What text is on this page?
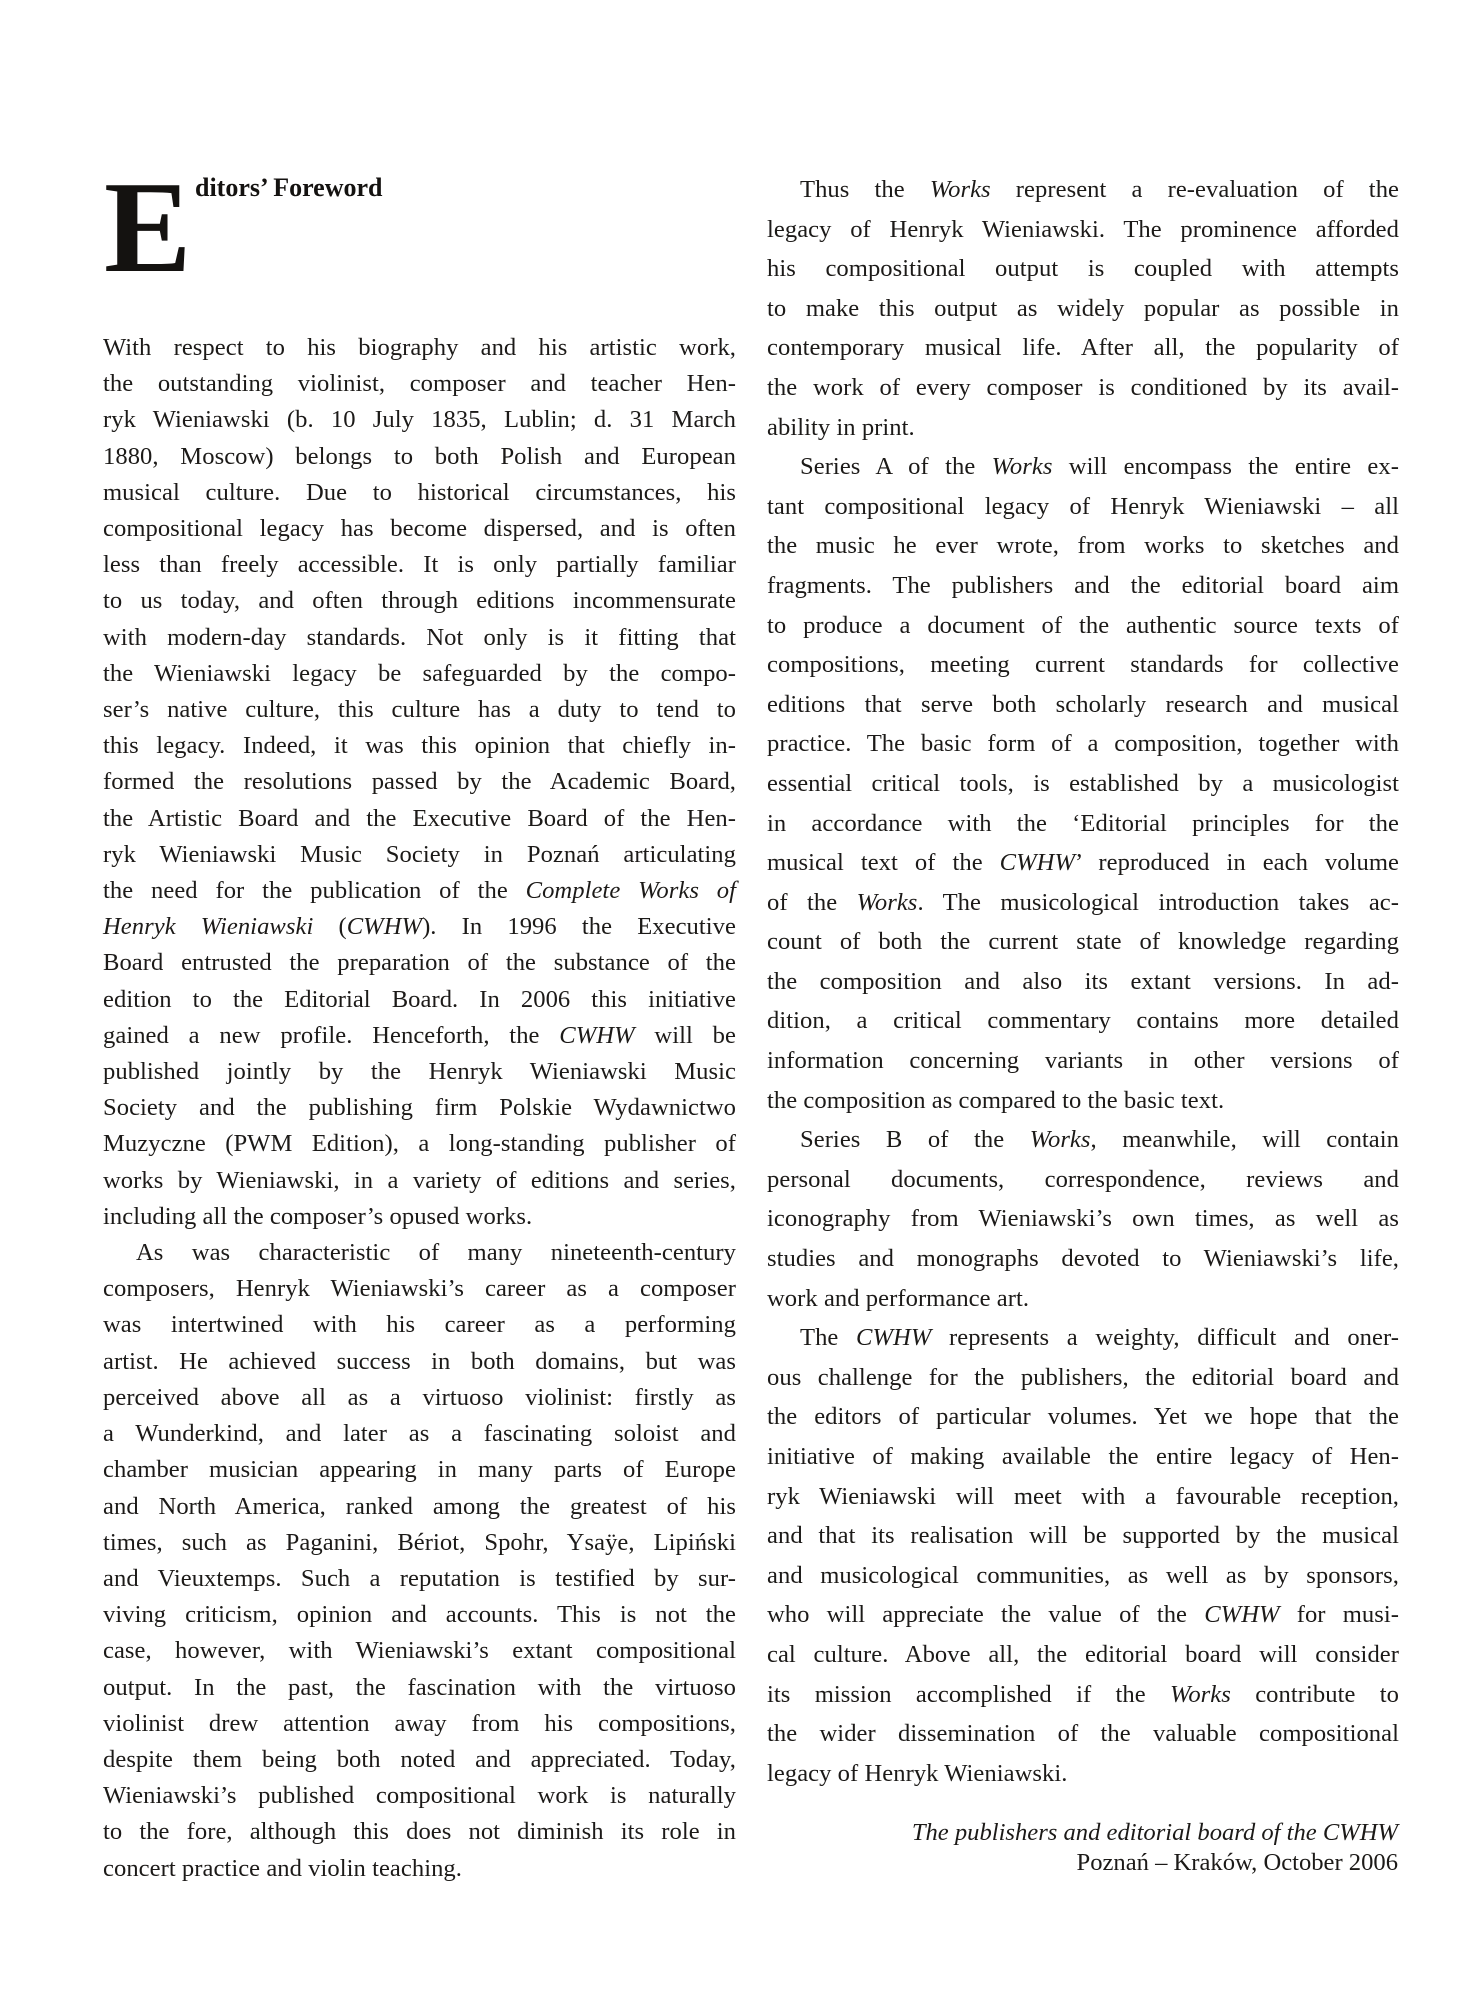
E ditors’ Foreword
With respect to his biography and his artistic work,
the outstanding violinist, composer and teacher Hen-
ryk Wieniawski (b. 10 July 1835, Lublin; d. 31 March
1880, Moscow) belongs to both Polish and European
musical culture. Due to historical circumstances, his
compositional legacy has become dispersed, and is often
less than freely accessible. It is only partially familiar
to us today, and often through editions incommensurate
with modern-day standards. Not only is it fitting that
the Wieniawski legacy be safeguarded by the compo-
ser’s native culture, this culture has a duty to tend to
this legacy. Indeed, it was this opinion that chiefly in-
formed the resolutions passed by the Academic Board,
the Artistic Board and the Executive Board of the Hen-
ryk Wieniawski Music Society in Poznań articulating
the need for the publication of the Complete Works of
Henryk Wieniawski (CWHW). In 1996 the Executive
Board entrusted the preparation of the substance of the
edition to the Editorial Board. In 2006 this initiative
gained a new profile. Henceforth, the CWHW will be
published jointly by the Henryk Wieniawski Music
Society and the publishing firm Polskie Wydawnictwo
Muzyczne (PWM Edition), a long-standing publisher of
works by Wieniawski, in a variety of editions and series,
including all the composer’s opused works.
As was characteristic of many nineteenth-century
composers, Henryk Wieniawski’s career as a composer
was intertwined with his career as a performing
artist. He achieved success in both domains, but was
perceived above all as a virtuoso violinist: firstly as
a Wunderkind, and later as a fascinating soloist and
chamber musician appearing in many parts of Europe
and North America, ranked among the greatest of his
times, such as Paganini, Bériot, Spohr, Ysaÿe, Lipiński
and Vieuxtemps. Such a reputation is testified by sur-
viving criticism, opinion and accounts. This is not the
case, however, with Wieniawski’s extant compositional
output. In the past, the fascination with the virtuoso
violinist drew attention away from his compositions,
despite them being both noted and appreciated. Today,
Wieniawski’s published compositional work is naturally
to the fore, although this does not diminish its role in
concert practice and violin teaching.
Thus the Works represent a re-evaluation of the
legacy of Henryk Wieniawski. The prominence afforded
his compositional output is coupled with attempts
to make this output as widely popular as possible in
contemporary musical life. After all, the popularity of
the work of every composer is conditioned by its avail-
ability in print.
Series A of the Works will encompass the entire ex-
tant compositional legacy of Henryk Wieniawski – all
the music he ever wrote, from works to sketches and
fragments. The publishers and the editorial board aim
to produce a document of the authentic source texts of
compositions, meeting current standards for collective
editions that serve both scholarly research and musical
practice. The basic form of a composition, together with
essential critical tools, is established by a musicologist
in accordance with the ‘Editorial principles for the
musical text of the CWHW’ reproduced in each volume
of the Works. The musicological introduction takes ac-
count of both the current state of knowledge regarding
the composition and also its extant versions. In ad-
dition, a critical commentary contains more detailed
information concerning variants in other versions of
the composition as compared to the basic text.
Series B of the Works, meanwhile, will contain
personal documents, correspondence, reviews and
iconography from Wieniawski’s own times, as well as
studies and monographs devoted to Wieniawski’s life,
work and performance art.
The CWHW represents a weighty, difficult and oner-
ous challenge for the publishers, the editorial board and
the editors of particular volumes. Yet we hope that the
initiative of making available the entire legacy of Hen-
ryk Wieniawski will meet with a favourable reception,
and that its realisation will be supported by the musical
and musicological communities, as well as by sponsors,
who will appreciate the value of the CWHW for musi-
cal culture. Above all, the editorial board will consider
its mission accomplished if the Works contribute to
the wider dissemination of the valuable compositional
legacy of Henryk Wieniawski.
The publishers and editorial board of the CWHW
Poznań – Kraków, October 2006
